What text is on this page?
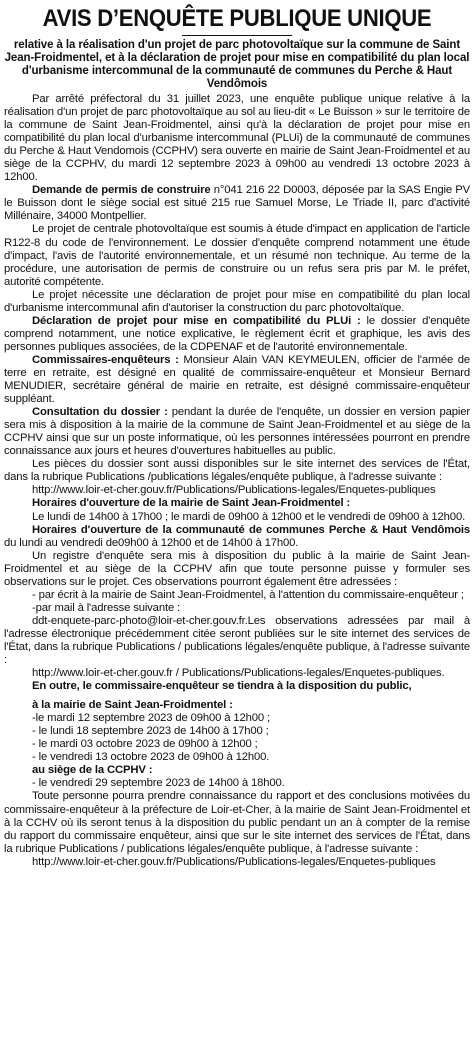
AVIS D’ENQUÊTE PUBLIQUE UNIQUE

relative à la réalisation d'un projet de parc photovoltaïque sur la commune de Saint Jean-Froidmentel, et à la déclaration de projet pour mise en compatibilité du plan local d'urbanisme intercommunal de la communauté de communes du Perche & Haut Vendômois

Par arrêté préfectoral du 31 juillet 2023, une enquête publique unique relative à la réalisation d'un projet de parc photovoltaïque au sol au lieu-dit « Le Buisson » sur le territoire de la commune de Saint Jean-Froidmentel, ainsi qu'à la déclaration de projet pour mise en compatibilité du plan local d'urbanisme intercommunal (PLUi) de la communauté de communes du Perche & Haut Vendomois (CCPHV) sera ouverte en mairie de Saint Jean-Froidmentel et au siège de la CCPHV, du mardi 12 septembre 2023 à 09h00 au vendredi 13 octobre 2023 à 12h00.

Demande de permis de construire n°041 216 22 D0003, déposée par la SAS Engie PV le Buisson dont le siège social est situé 215 rue Samuel Morse, Le Triade II, parc d'activité Millénaire, 34000 Montpellier.

Le projet de centrale photovoltaïque est soumis à étude d'impact en application de l'article R122-8 du code de l'environnement. Le dossier d'enquête comprend notamment une étude d'impact, l'avis de l'autorité environnementale, et un résumé non technique. Au terme de la procédure, une autorisation de permis de construire ou un refus sera pris par M. le préfet, autorité compétente.

Le projet nécessite une déclaration de projet pour mise en compatibilité du plan local d'urbanisme intercommunal afin d'autoriser la construction du parc photovoltaïque.

Déclaration de projet pour mise en compatibilité du PLUi : le dossier d'enquête comprend notamment, une notice explicative, le règlement écrit et graphique, les avis des personnes publiques associées, de la CDPENAF et de l'autorité environnementale.

Commissaires-enquêteurs : Monsieur Alain VAN KEYMEULEN, officier de l'armée de terre en retraite, est désigné en qualité de commissaire-enquêteur et Monsieur Bernard MENUDIER, secrétaire général de mairie en retraite, est désigné commissaire-enquêteur suppléant.

Consultation du dossier : pendant la durée de l'enquête, un dossier en version papier sera mis à disposition à la mairie de la commune de Saint Jean-Froidmentel et au siège de la CCPHV ainsi que sur un poste informatique, où les personnes intéressées pourront en prendre connaissance aux jours et heures d'ouvertures habituelles au public.

Les pièces du dossier sont aussi disponibles sur le site internet des services de l'État, dans la rubrique Publications /publications légales/enquête publique, à l'adresse suivante :

http://www.loir-et-cher.gouv.fr/Publications/Publications-legales/Enquetes-publiques

Horaires d'ouverture de la mairie de Saint Jean-Froidmentel :

Le lundi de 14h00 à 17h00 ; le mardi de 09h00 à 12h00 et le vendredi de 09h00 à 12h00.

Horaires d'ouverture de la communauté de communes Perche & Haut Vendômois du lundi au vendredi de09h00 à 12h00 et de 14h00 à 17h00.

Un registre d'enquête sera mis à disposition du public à la mairie de Saint Jean-Froidmentel et au siège de la CCPHV afin que toute personne puisse y formuler ses observations sur le projet. Ces observations pourront également être adressées :

- par écrit à la mairie de Saint Jean-Froidmentel, à l'attention du commissaire-enquêteur ;

-par mail à l'adresse suivante :

ddt-enquete-parc-photo@loir-et-cher.gouv.fr.Les observations adressées par mail à l'adresse électronique précédemment citée seront publiées sur le site internet des services de l'État, dans la rubrique Publications / publications légales/enquête publique, à l'adresse suivante :

http://www.loir-et-cher.gouv.fr / Publications/Publications-legales/Enquetes-publiques.

En outre, le commissaire-enquêteur se tiendra à la disposition du public,

à la mairie de Saint Jean-Froidmentel :

-le mardi 12 septembre 2023 de 09h00 à 12h00 ;

- le lundi 18 septembre 2023 de 14h00 à 17h00 ;

- le mardi 03 octobre 2023 de 09h00 à 12h00 ;

- le vendredi 13 octobre 2023 de 09h00 à 12h00.

au siège de la CCPHV :

- le vendredi 29 septembre 2023 de 14h00 à 18h00.

Toute personne pourra prendre connaissance du rapport et des conclusions motivées du commissaire-enquêteur à la préfecture de Loir-et-Cher, à la mairie de Saint Jean-Froidmentel et à la CCHV où ils seront tenus à la disposition du public pendant un an à compter de la remise du rapport du commissaire enquêteur, ainsi que sur le site internet des services de l'État, dans la rubrique Publications / publications légales/enquête publique, à l'adresse suivante :

http://www.loir-et-cher.gouv.fr/Publications/Publications-legales/Enquetes-publiques
